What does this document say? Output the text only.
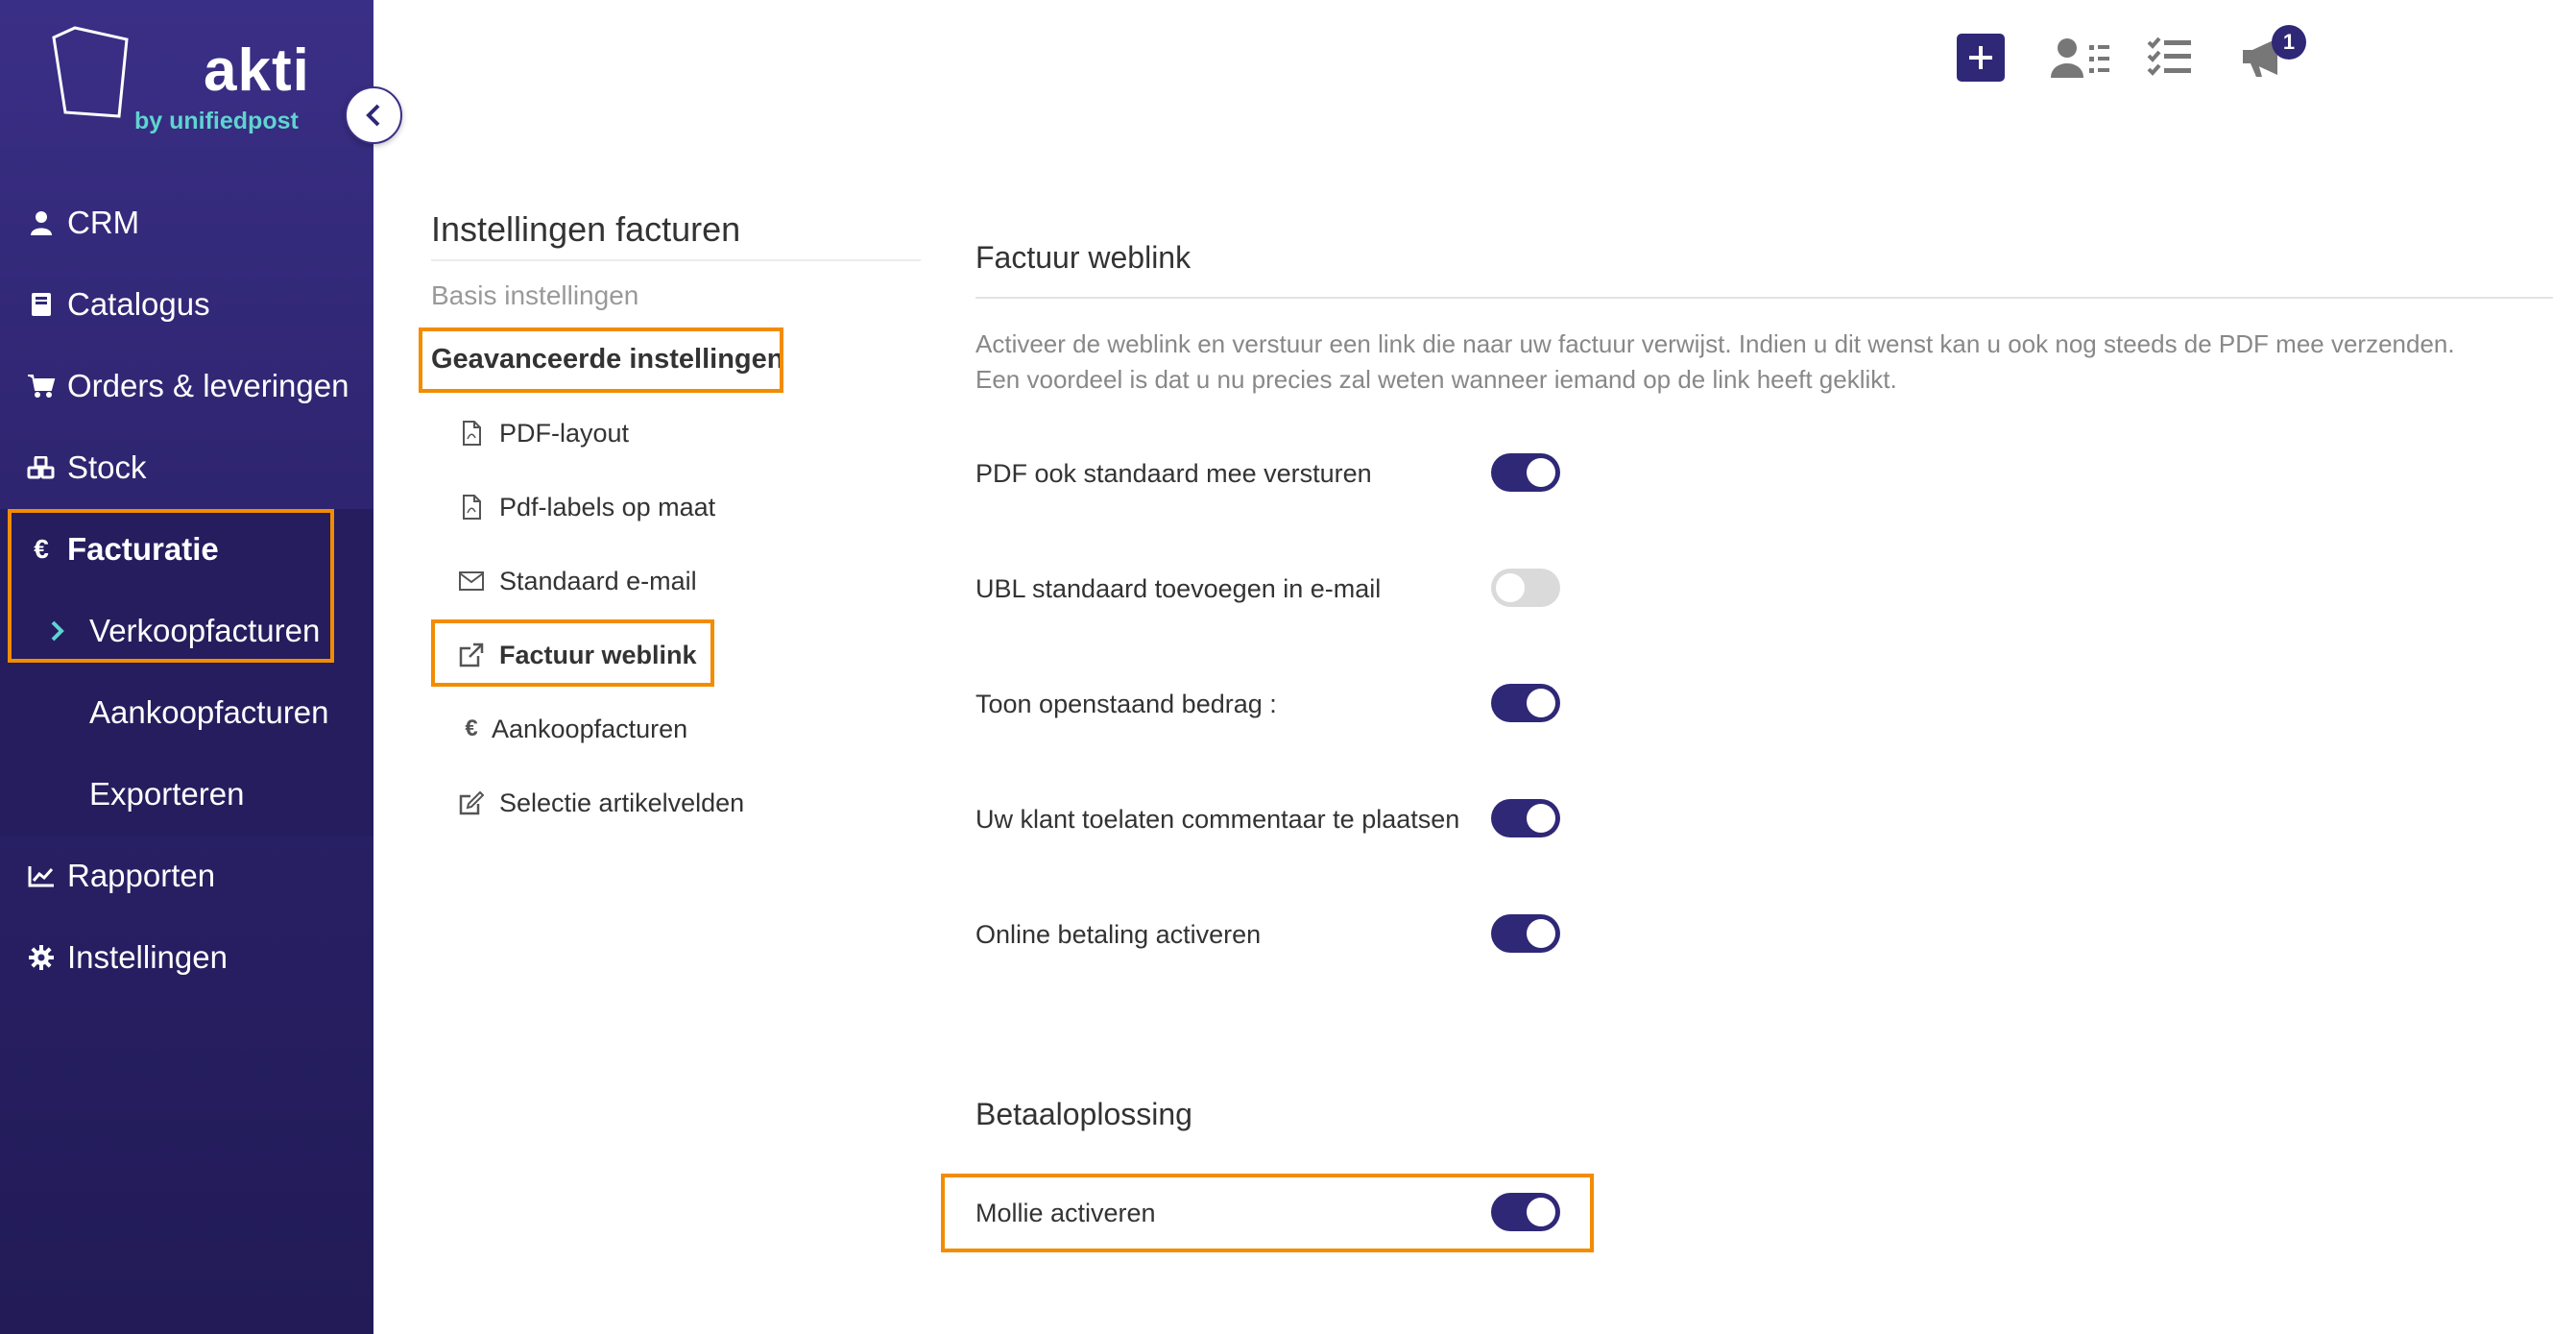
akti
by unifiedpost
CRM
Catalogus
Orders & leveringen
Stock
€ Facturatie
Verkoopfacturen
Aankoopfacturen
Exporteren
Rapporten
Instellingen
1
Instellingen facturen
Basis instellingen
Geavanceerde instellingen
PDF-layout
Pdf-labels op maat
Standaard e-mail
Factuur weblink
€ Aankoopfacturen
Selectie artikelvelden
Factuur weblink
Activeer de weblink en verstuur een link die naar uw factuur verwijst. Indien u dit wenst kan u ook nog steeds de PDF mee verzenden.
Een voordeel is dat u nu precies zal weten wanneer iemand op de link heeft geklikt.
PDF ook standaard mee versturen
UBL standaard toevoegen in e-mail
Toon openstaand bedrag :
Uw klant toelaten commentaar te plaatsen
Online betaling activeren
Betaaloplossing
Mollie activeren
